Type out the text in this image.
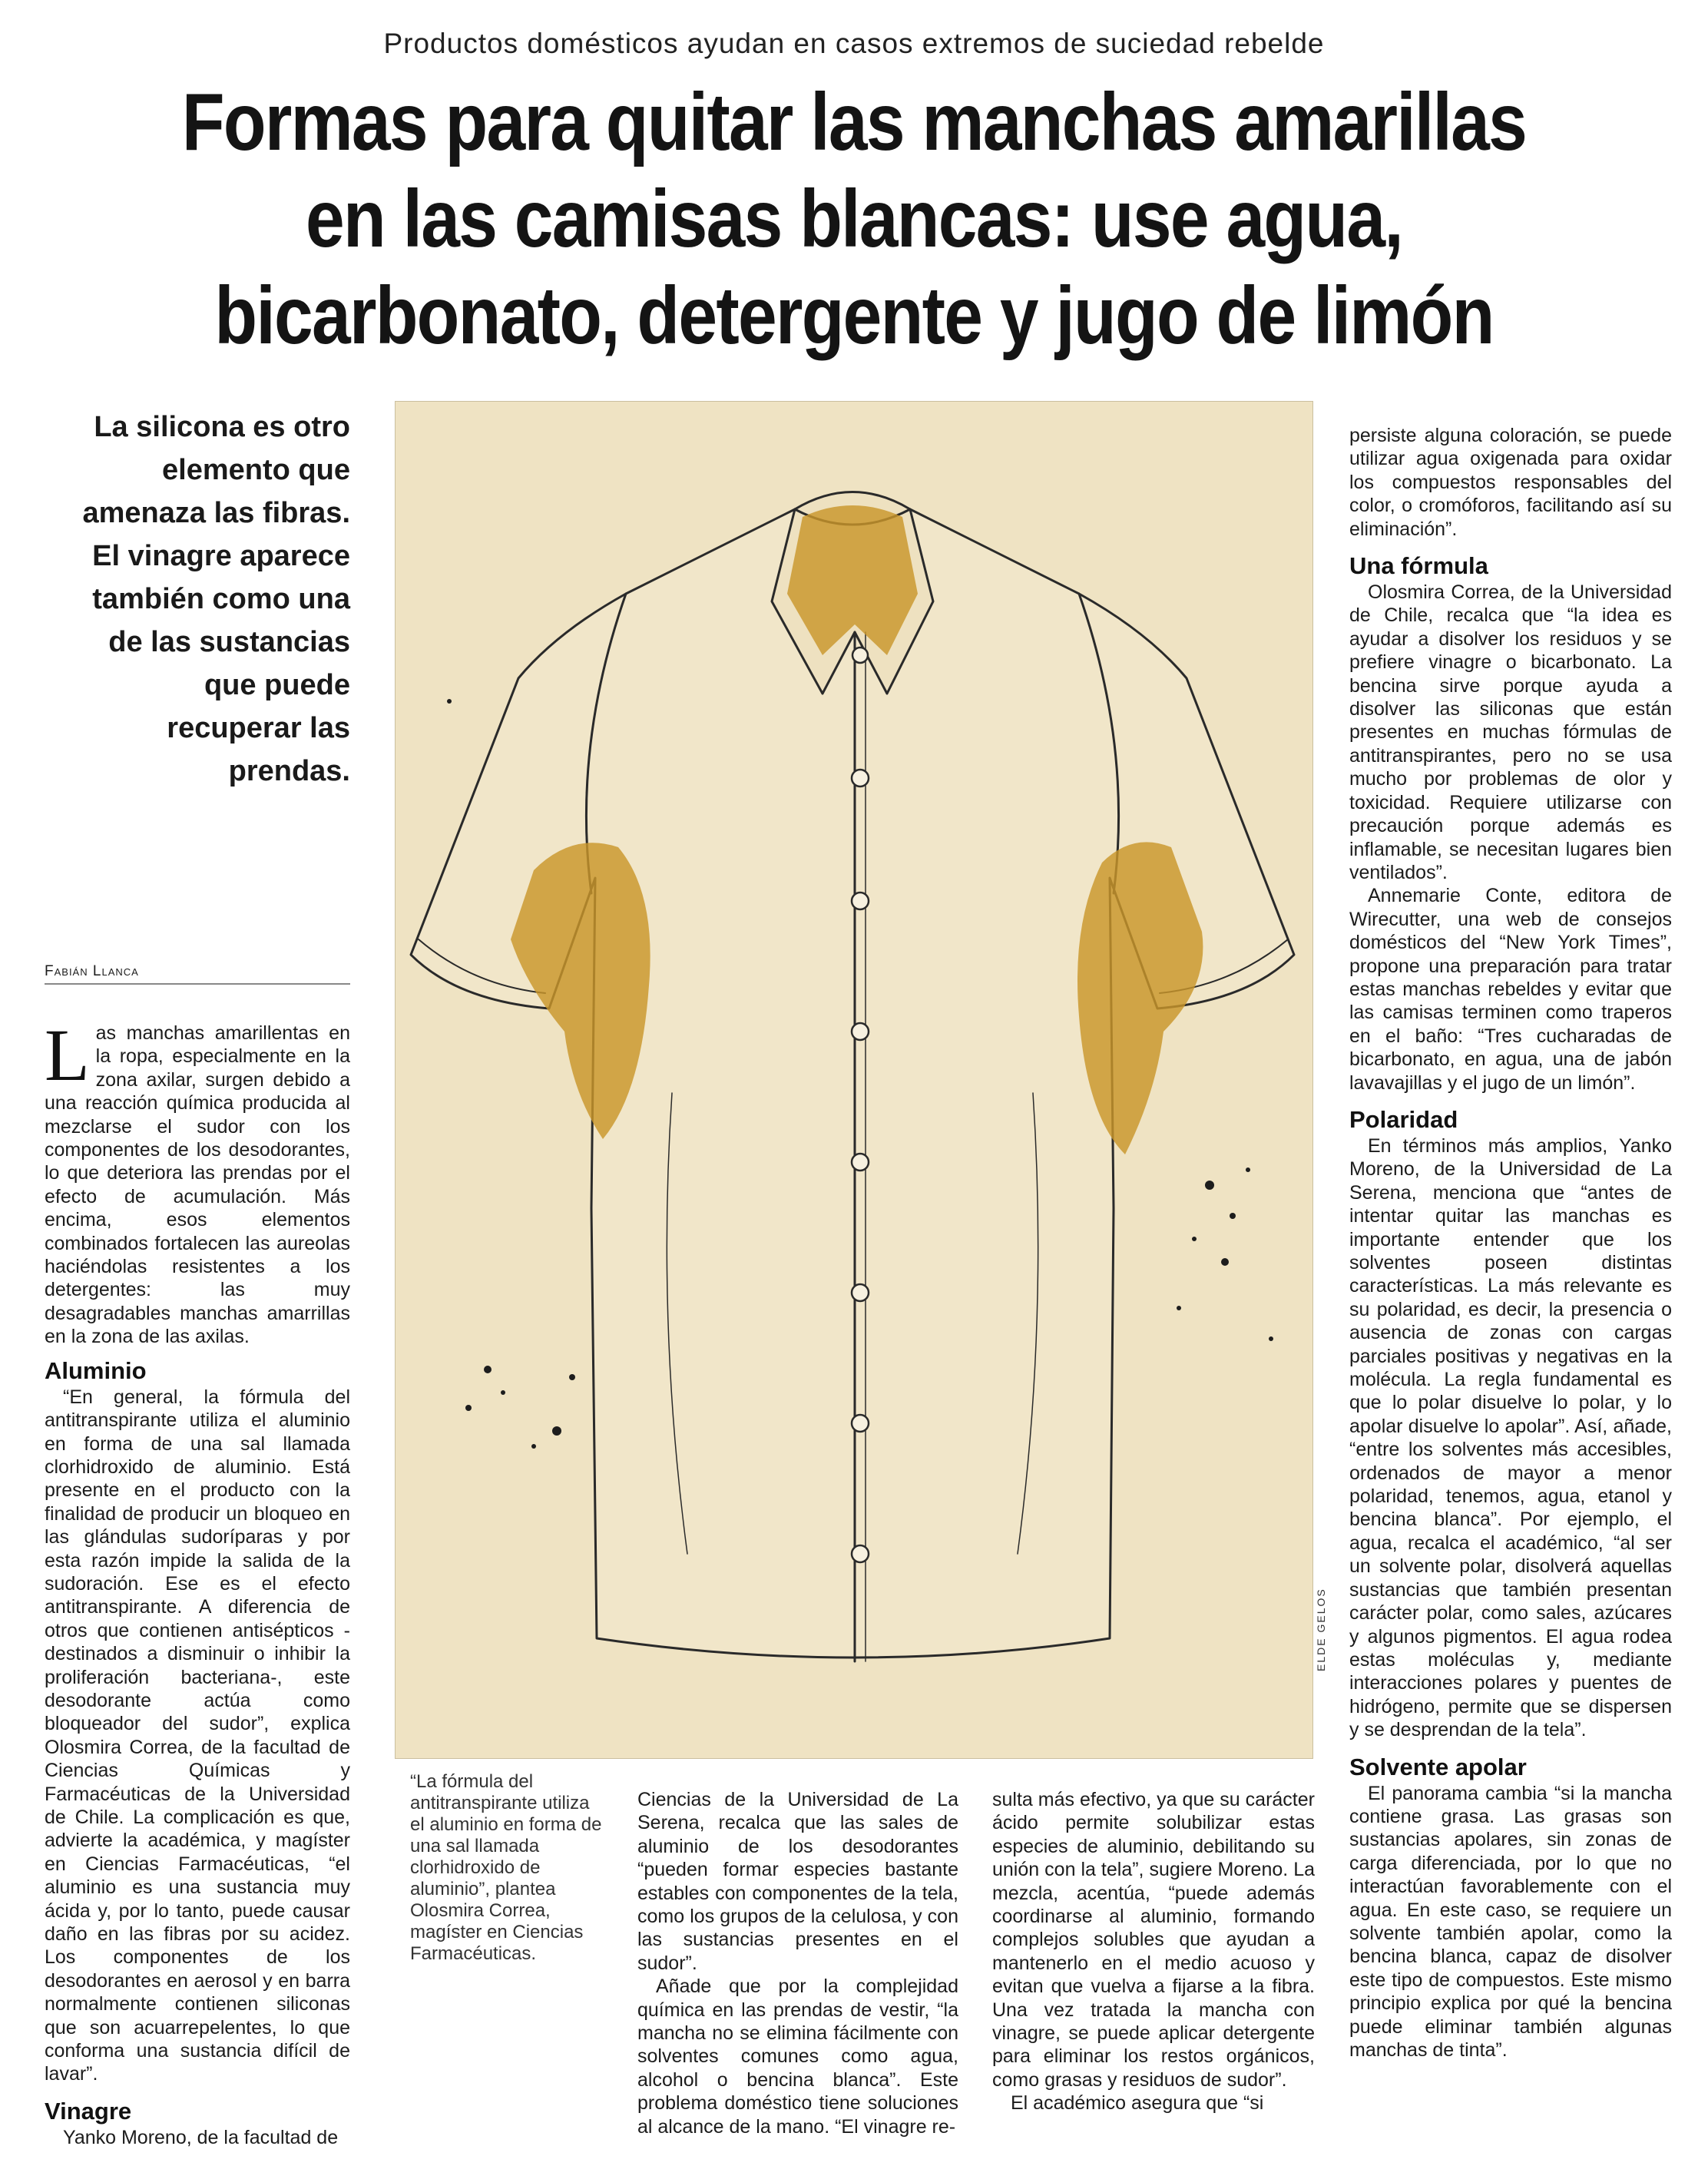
Productos domésticos ayudan en casos extremos de suciedad rebelde
Formas para quitar las manchas amarillas
en las camisas blancas: use agua,
bicarbonato, detergente y jugo de limón
La silicona es otro elemento que amenaza las fibras. El vinagre aparece también como una de las sustancias que puede recuperar las prendas.
Fabián Llanca

Las manchas amarillentas en la ropa, especialmente en la zona axilar, surgen debido a una reacción química producida al mezclarse el sudor con los componentes de los desodorantes, lo que deteriora las prendas por el efecto de acumulación. Más encima, esos elementos combinados fortalecen las aureolas haciéndolas resistentes a los detergentes: las muy desagradables manchas amarrillas en la zona de las axilas.

Aluminio

“En general, la fórmula del antitranspirante utiliza el aluminio en forma de una sal llamada clorhidroxido de aluminio. Está presente en el producto con la finalidad de producir un bloqueo en las glándulas sudoríparas y por esta razón impide la salida de la sudoración. Ese es el efecto antitranspirante. A diferencia de otros que contienen antisépticos -destinados a disminuir o inhibir la proliferación bacteriana-, este desodorante actúa como bloqueador del sudor”, explica Olosmira Correa, de la facultad de Ciencias Químicas y Farmacéuticas de la Universidad de Chile. La complicación es que, advierte la académica, y magíster en Ciencias Farmacéuticas, “el aluminio es una sustancia muy ácida y, por lo tanto, puede causar daño en las fibras por su acidez. Los componentes de los desodorantes en aerosol y en barra normalmente contienen siliconas que son acuarrepelentes, lo que conforma una sustancia difícil de lavar”.

Vinagre

Yanko Moreno, de la facultad de

ELDE GELOS
“La fórmula del antitranspirante utiliza el aluminio en forma de una sal llamada clorhidroxido de aluminio”, plantea Olosmira Correa, magíster en Ciencias Farmacéuticas.

Ciencias de la Universidad de La Serena, recalca que las sales de aluminio de los desodorantes “pueden formar especies bastante estables con componentes de la tela, como los grupos de la celulosa, y con las sustancias presentes en el sudor”.

Añade que por la complejidad química en las prendas de vestir, “la mancha no se elimina fácilmente con solventes comunes como agua, alcohol o bencina blanca”. Este problema doméstico tiene soluciones al alcance de la mano. “El vinagre re-

sulta más efectivo, ya que su carácter ácido permite solubilizar estas especies de aluminio, debilitando su unión con la tela”, sugiere Moreno. La mezcla, acentúa, “puede además coordinarse al aluminio, formando complejos solubles que ayudan a mantenerlo en el medio acuoso y evitan que vuelva a fijarse a la fibra. Una vez tratada la mancha con vinagre, se puede aplicar detergente para eliminar los restos orgánicos, como grasas y residuos de sudor”.

El académico asegura que “si

persiste alguna coloración, se puede utilizar agua oxigenada para oxidar los compuestos responsables del color, o cromóforos, facilitando así su eliminación”.

Una fórmula

Olosmira Correa, de la Universidad de Chile, recalca que “la idea es ayudar a disolver los residuos y se prefiere vinagre o bicarbonato. La bencina sirve porque ayuda a disolver las siliconas que están presentes en muchas fórmulas de antitranspirantes, pero no se usa mucho por problemas de olor y toxicidad. Requiere utilizarse con precaución porque además es inflamable, se necesitan lugares bien ventilados”.

Annemarie Conte, editora de Wirecutter, una web de consejos domésticos del “New York Times”, propone una preparación para tratar estas manchas rebeldes y evitar que las camisas terminen como traperos en el baño: “Tres cucharadas de bicarbonato, en agua, una de jabón lavavajillas y el jugo de un limón”.

Polaridad

En términos más amplios, Yanko Moreno, de la Universidad de La Serena, menciona que “antes de intentar quitar las manchas es importante entender que los solventes poseen distintas características. La más relevante es su polaridad, es decir, la presencia o ausencia de zonas con cargas parciales positivas y negativas en la molécula. La regla fundamental es que lo polar disuelve lo polar, y lo apolar disuelve lo apolar”. Así, añade, “entre los solventes más accesibles, ordenados de mayor a menor polaridad, tenemos, agua, etanol y bencina blanca”. Por ejemplo, el agua, recalca el académico, “al ser un solvente polar, disolverá aquellas sustancias que también presentan carácter polar, como sales, azúcares y algunos pigmentos. El agua rodea estas moléculas y, mediante interacciones polares y puentes de hidrógeno, permite que se dispersen y se desprendan de la tela”.

Solvente apolar

El panorama cambia “si la mancha contiene grasa. Las grasas son sustancias apolares, sin zonas de carga diferenciada, por lo que no interactúan favorablemente con el agua. En este caso, se requiere un solvente también apolar, como la bencina blanca, capaz de disolver este tipo de compuestos. Este mismo principio explica por qué la bencina puede eliminar también algunas manchas de tinta”.
